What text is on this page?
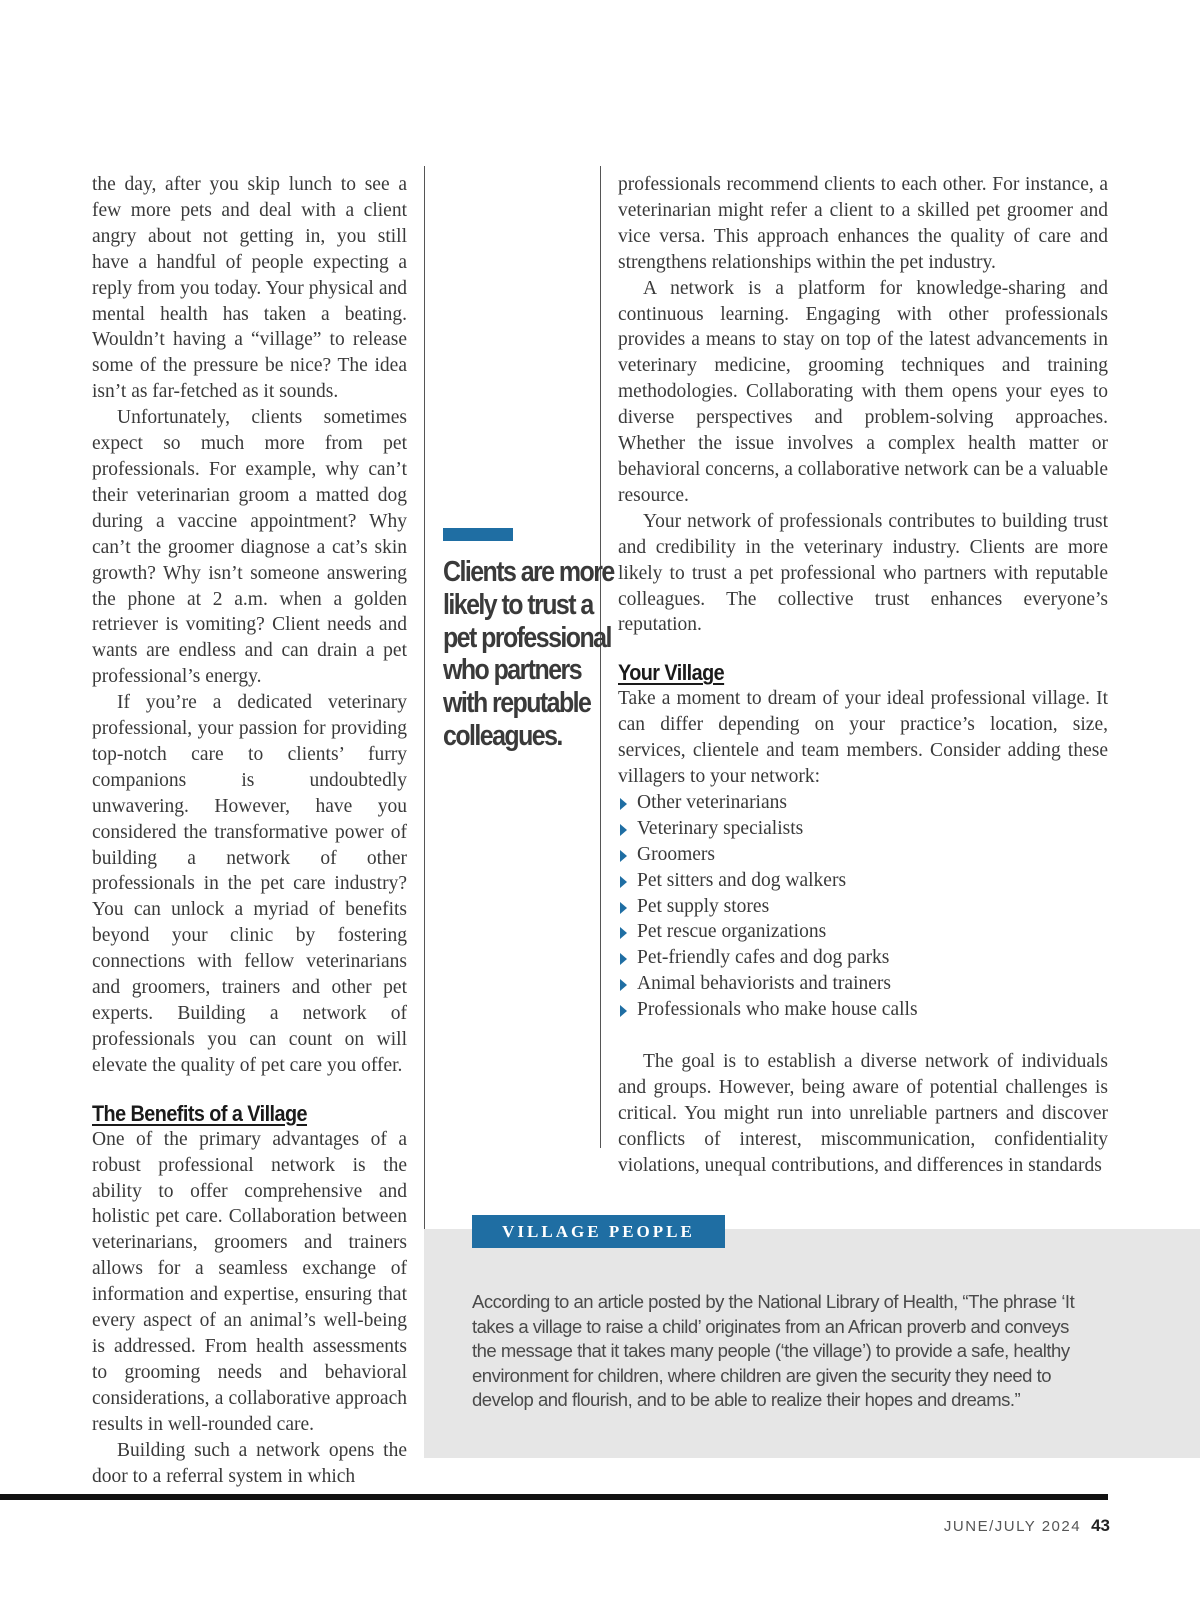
the day, after you skip lunch to see a few more pets and deal with a client angry about not getting in, you still have a handful of people expecting a reply from you today. Your physical and mental health has taken a beating. Wouldn’t having a “village” to release some of the pressure be nice? The idea isn’t as far-fetched as it sounds.

Unfortunately, clients sometimes expect so much more from pet professionals. For example, why can’t their veterinarian groom a matted dog during a vaccine appointment? Why can’t the groomer diagnose a cat’s skin growth? Why isn’t someone answering the phone at 2 a.m. when a golden retriever is vomiting? Client needs and wants are endless and can drain a pet professional’s energy.

If you’re a dedicated veterinary professional, your passion for providing top-notch care to clients’ furry companions is undoubtedly unwavering. However, have you considered the transformative power of building a network of other professionals in the pet care industry? You can unlock a myriad of benefits beyond your clinic by fostering connections with fellow veterinarians and groomers, trainers and other pet experts. Building a network of professionals you can count on will elevate the quality of pet care you offer.

The Benefits of a Village

One of the primary advantages of a robust professional network is the ability to offer comprehensive and holistic pet care. Collaboration between veterinarians, groomers and trainers allows for a seamless exchange of information and expertise, ensuring that every aspect of an animal’s well-being is addressed. From health assessments to grooming needs and behavioral considerations, a collaborative approach results in well-rounded care.

Building such a network opens the door to a referral system in which

Clients are more likely to trust a pet professional who partners with reputable colleagues.

professionals recommend clients to each other. For instance, a veterinarian might refer a client to a skilled pet groomer and vice versa. This approach enhances the quality of care and strengthens relationships within the pet industry.

A network is a platform for knowledge-sharing and continuous learning. Engaging with other professionals provides a means to stay on top of the latest advancements in veterinary medicine, grooming techniques and training methodologies. Collaborating with them opens your eyes to diverse perspectives and problem-solving approaches. Whether the issue involves a complex health matter or behavioral concerns, a collaborative network can be a valuable resource.

Your network of professionals contributes to building trust and credibility in the veterinary industry. Clients are more likely to trust a pet professional who partners with reputable colleagues. The collective trust enhances everyone’s reputation.

Your Village

Take a moment to dream of your ideal professional village. It can differ depending on your practice’s location, size, services, clientele and team members. Consider adding these villagers to your network:

Other veterinarians
Veterinary specialists
Groomers
Pet sitters and dog walkers
Pet supply stores
Pet rescue organizations
Pet-friendly cafes and dog parks
Animal behaviorists and trainers
Professionals who make house calls

The goal is to establish a diverse network of individuals and groups. However, being aware of potential challenges is critical. You might run into unreliable partners and discover conflicts of interest, miscommunication, confidentiality violations, unequal contributions, and differences in standards

VILLAGE PEOPLE

According to an article posted by the National Library of Health, “The phrase ‘It takes a village to raise a child’ originates from an African proverb and conveys the message that it takes many people (‘the village’) to provide a safe, healthy environment for children, where children are given the security they need to develop and flourish, and to be able to realize their hopes and dreams.”

JUNE/JULY 2024 43
